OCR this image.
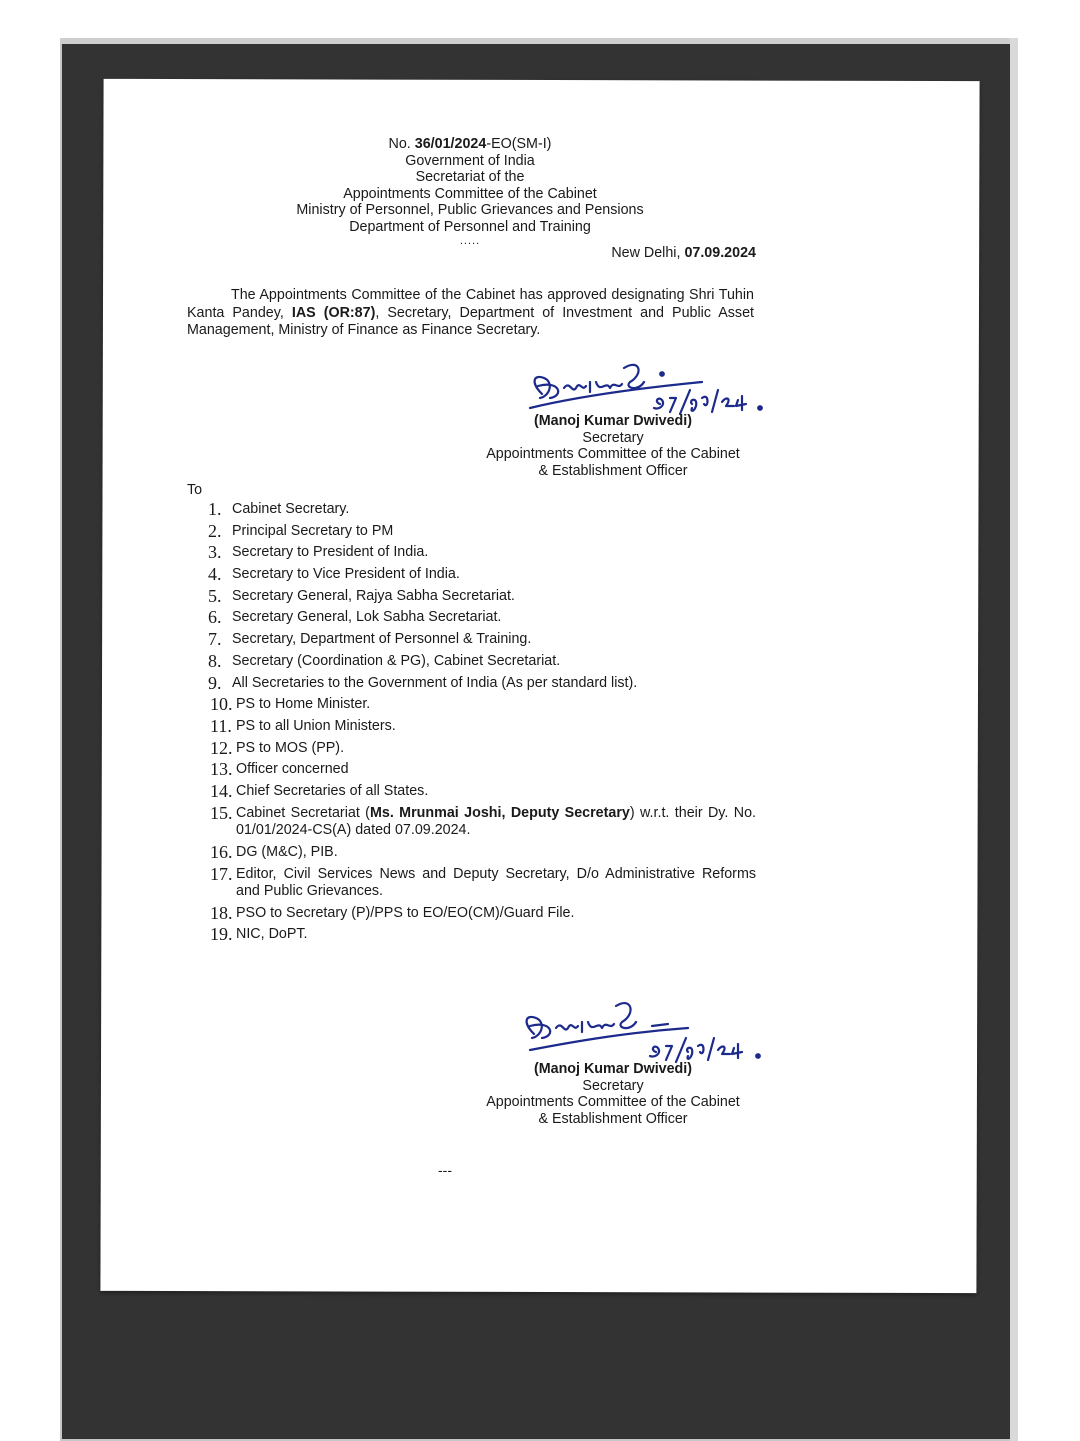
No. 36/01/2024-EO(SM-I)
Government of India
Secretariat of the
Appointments Committee of the Cabinet
Ministry of Personnel, Public Grievances and Pensions
Department of Personnel and Training
.....
New Delhi, 07.09.2024
The Appointments Committee of the Cabinet has approved designating Shri Tuhin Kanta Pandey, IAS (OR:87), Secretary, Department of Investment and Public Asset Management, Ministry of Finance as Finance Secretary.
(Manoj Kumar Dwivedi)
Secretary
Appointments Committee of the Cabinet
& Establishment Officer
To
1. Cabinet Secretary.
2. Principal Secretary to PM
3. Secretary to President of India.
4. Secretary to Vice President of India.
5. Secretary General, Rajya Sabha Secretariat.
6. Secretary General, Lok Sabha Secretariat.
7. Secretary, Department of Personnel & Training.
8. Secretary (Coordination & PG), Cabinet Secretariat.
9. All Secretaries to the Government of India (As per standard list).
10. PS to Home Minister.
11. PS to all Union Ministers.
12. PS to MOS (PP).
13. Officer concerned
14. Chief Secretaries of all States.
15. Cabinet Secretariat (Ms. Mrunmai Joshi, Deputy Secretary) w.r.t. their Dy. No. 01/01/2024-CS(A) dated 07.09.2024.
16. DG (M&C), PIB.
17. Editor, Civil Services News and Deputy Secretary, D/o Administrative Reforms and Public Grievances.
18. PSO to Secretary (P)/PPS to EO/EO(CM)/Guard File.
19. NIC, DoPT.
(Manoj Kumar Dwivedi)
Secretary
Appointments Committee of the Cabinet
& Establishment Officer
---
